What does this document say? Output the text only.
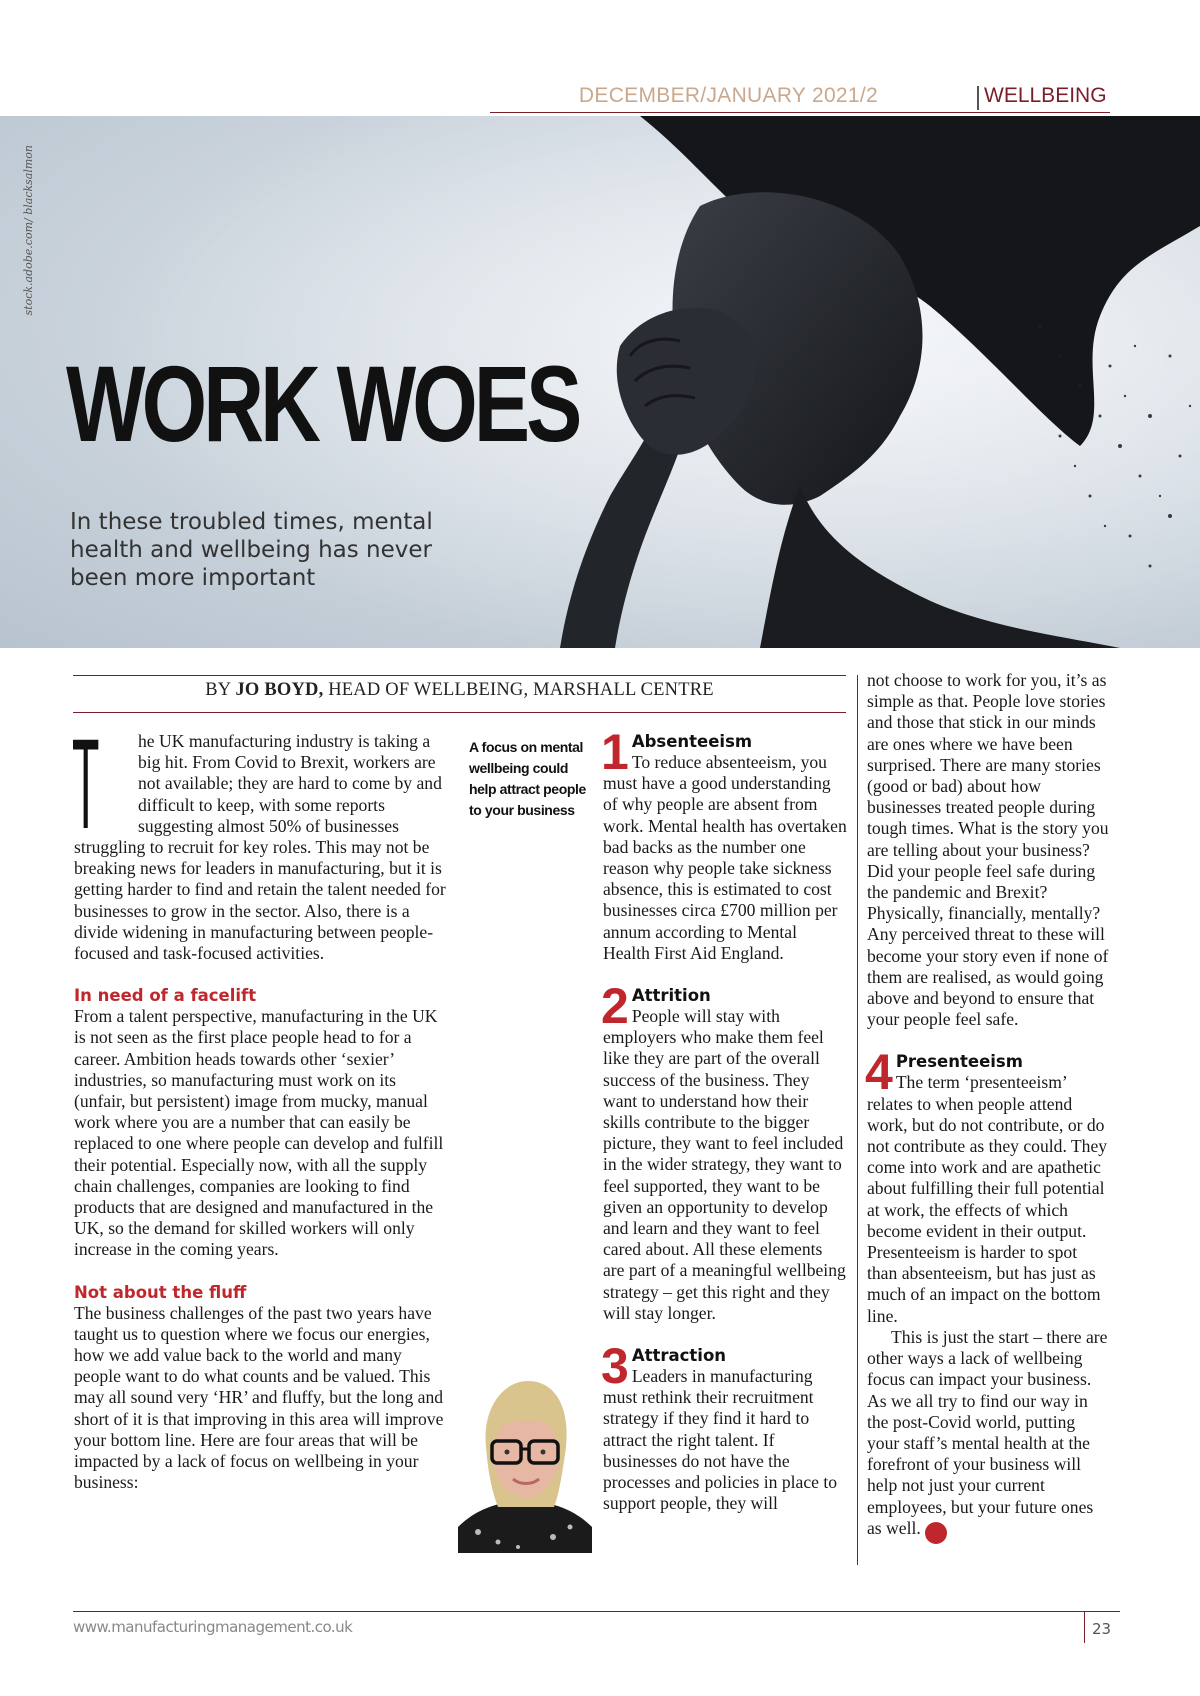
DECEMBER/JANUARY 2021/2	WELLBEING
stock.adobe.com/ blacksalmon
WORK WOES
In these troubled times, mental health and wellbeing has never been more important
BY JO BOYD, HEAD OF WELLBEING, MARSHALL CENTRE

T he UK manufacturing industry is taking a big hit. From Covid to Brexit, workers are not available; they are hard to come by and difficult to keep, with some reports suggesting almost 50% of businesses struggling to recruit for key roles. This may not be breaking news for leaders in manufacturing, but it is getting harder to find and retain the talent needed for businesses to grow in the sector. Also, there is a divide widening in manufacturing between people- focused and task-focused activities.

In need of a facelift

From a talent perspective, manufacturing in the UK is not seen as the first place people head to for a career. Ambition heads towards other ‘sexier’ industries, so manufacturing must work on its (unfair, but persistent) image from mucky, manual work where you are a number that can easily be replaced to one where people can develop and fulfill their potential. Especially now, with all the supply chain challenges, companies are looking to find products that are designed and manufactured in the UK, so the demand for skilled workers will only increase in the coming years.

Not about the fluff

The business challenges of the past two years have taught us to question where we focus our energies, how we add value back to the world and many people want to do what counts and be valued. This may all sound very ‘HR’ and fluffy, but the long and short of it is that improving in this area will improve your bottom line. Here are four areas that will be impacted by a lack of focus on wellbeing in your business:

A focus on mental wellbeing could help attract people to your business
1 Absenteeism

To reduce absenteeism, you must have a good understanding of why people are absent from work. Mental health has overtaken bad backs as the number one reason why people take sickness absence, this is estimated to cost businesses circa £700 million per annum according to Mental Health First Aid England.

2 Attrition

People will stay with employers who make them feel like they are part of the overall success of the business. They want to understand how their skills contribute to the bigger picture, they want to feel included in the wider strategy, they want to feel supported, they want to be given an opportunity to develop and learn and they want to feel cared about. All these elements are part of a meaningful wellbeing strategy – get this right and they will stay longer.

3 Attraction

Leaders in manufacturing must rethink their recruitment strategy if they find it hard to attract the right talent. If businesses do not have the processes and policies in place to support people, they will

not choose to work for you, it’s as simple as that. People love stories and those that stick in our minds are ones where we have been surprised. There are many stories (good or bad) about how businesses treated people during tough times. What is the story you are telling about your business? Did your people feel safe during the pandemic and Brexit? Physically, financially, mentally? Any perceived threat to these will become your story even if none of them are realised, as would going above and beyond to ensure that your people feel safe.

4 Presenteeism

The term ‘presenteeism’ relates to when people attend work, but do not contribute, or do not contribute as they could. They come into work and are apathetic about fulfilling their full potential at work, the effects of which become evident in their output. Presenteeism is harder to spot than absenteeism, but has just as much of an impact on the bottom line.

This is just the start – there are other ways a lack of wellbeing focus can impact your business. As we all try to find our way in the post-Covid world, putting your staff’s mental health at the forefront of your business will help not just your current employees, but your future ones as well. M

www.manufacturingmanagement.co.uk	23
